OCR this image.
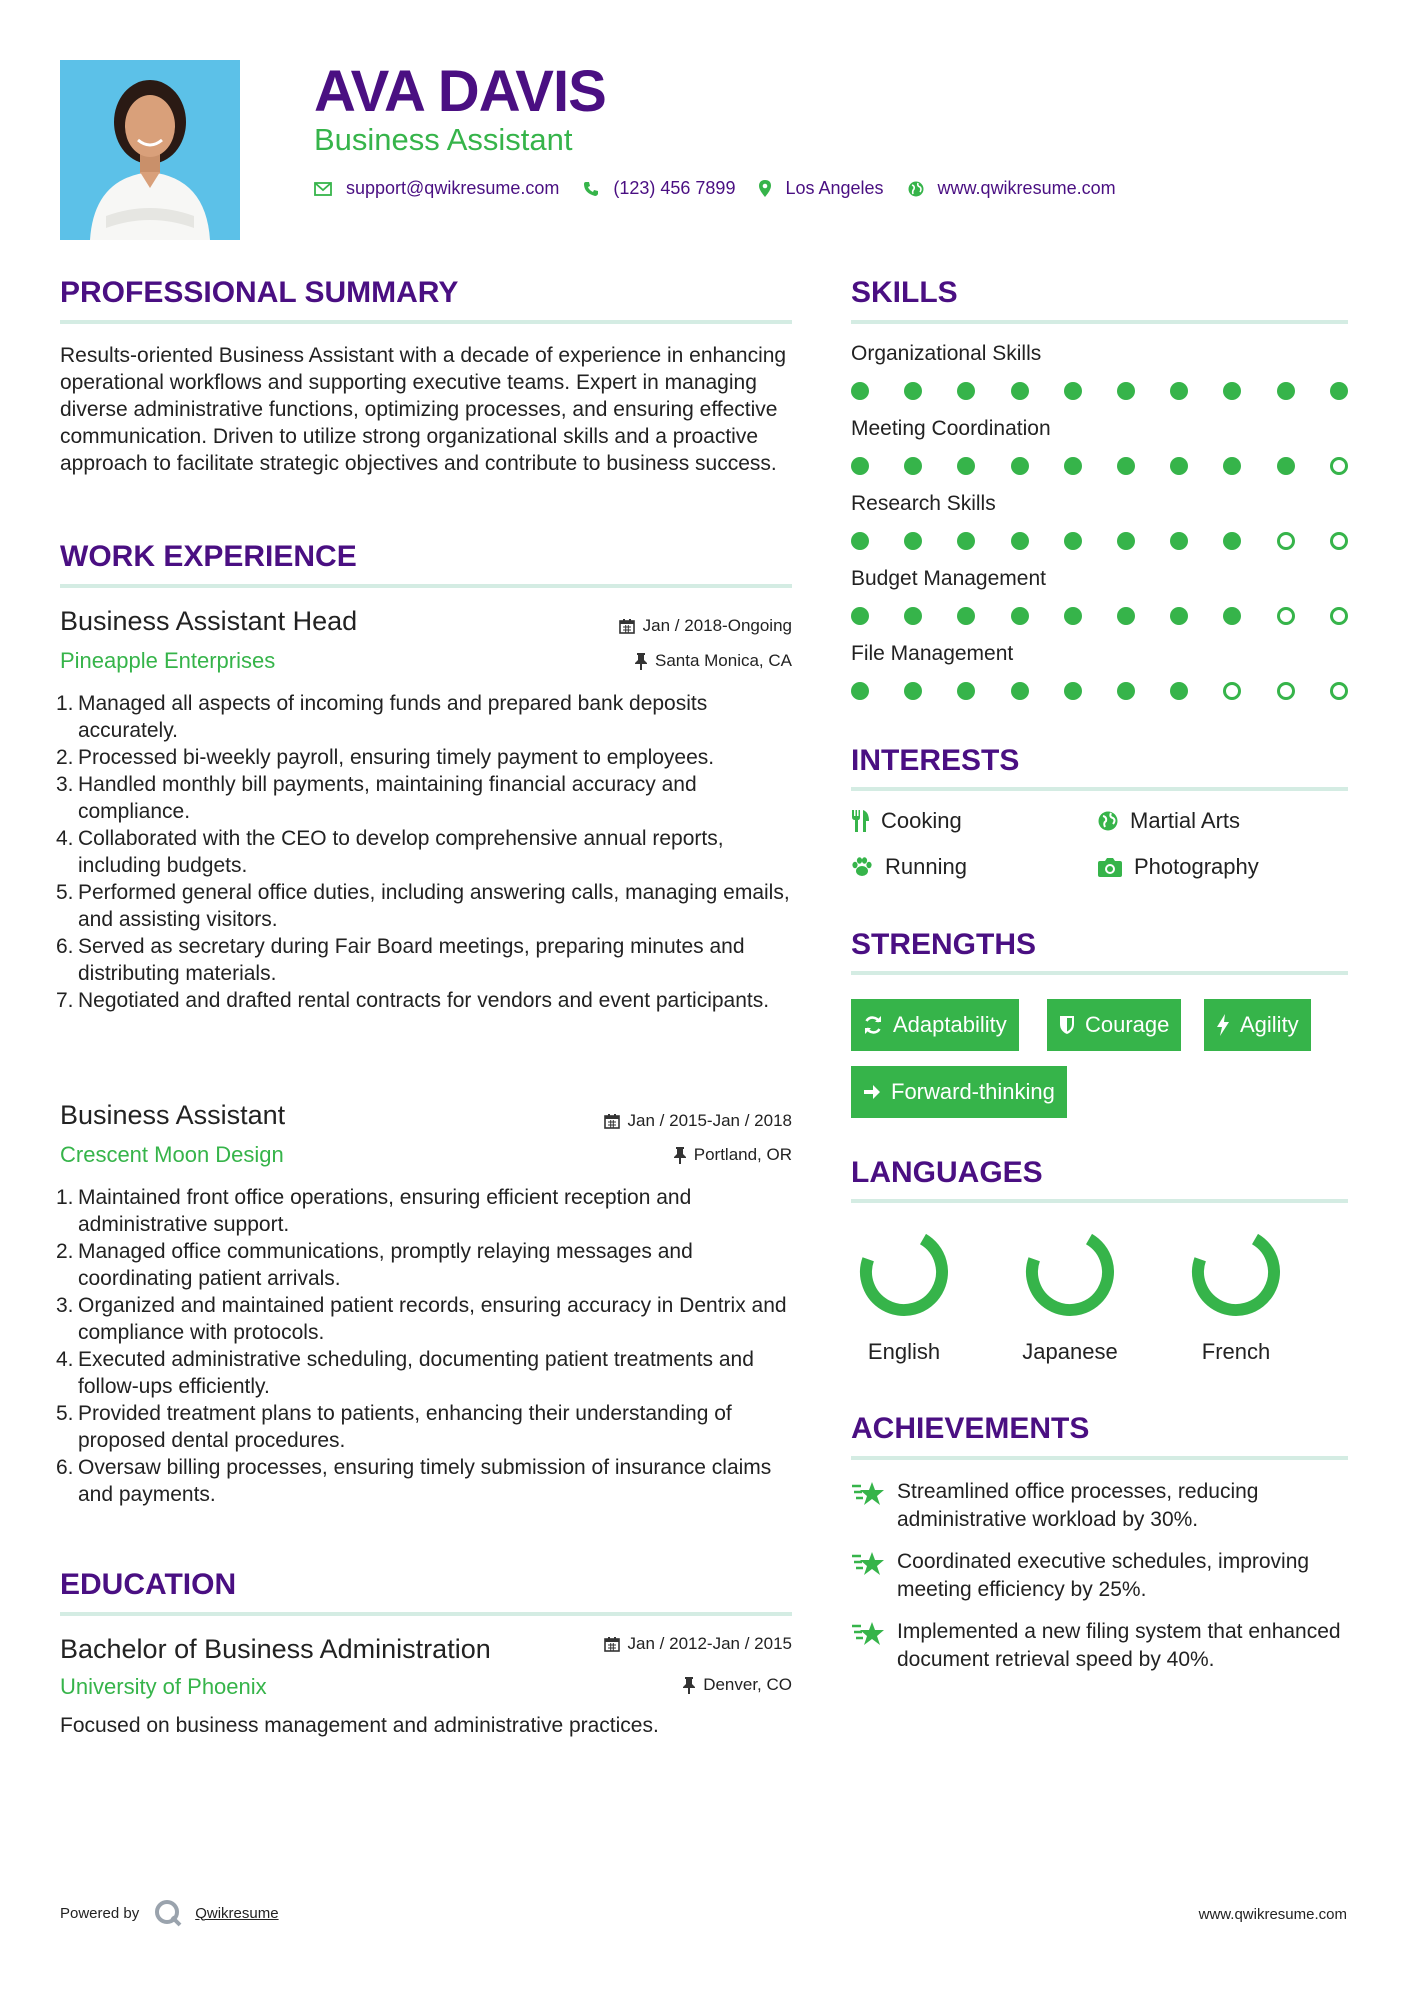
AVA DAVIS
Business Assistant
support@qwikresume.com	(123) 456 7899	Los Angeles	www.qwikresume.com
PROFESSIONAL SUMMARY
Results-oriented Business Assistant with a decade of experience in enhancing operational workflows and supporting executive teams. Expert in managing diverse administrative functions, optimizing processes, and ensuring effective communication. Driven to utilize strong organizational skills and a proactive approach to facilitate strategic objectives and contribute to business success.
WORK EXPERIENCE
Business Assistant Head	Jan / 2018-Ongoing
Pineapple Enterprises	Santa Monica, CA
1. Managed all aspects of incoming funds and prepared bank deposits accurately.
2. Processed bi-weekly payroll, ensuring timely payment to employees.
3. Handled monthly bill payments, maintaining financial accuracy and compliance.
4. Collaborated with the CEO to develop comprehensive annual reports, including budgets.
5. Performed general office duties, including answering calls, managing emails, and assisting visitors.
6. Served as secretary during Fair Board meetings, preparing minutes and distributing materials.
7. Negotiated and drafted rental contracts for vendors and event participants.
Business Assistant	Jan / 2015-Jan / 2018
Crescent Moon Design	Portland, OR
1. Maintained front office operations, ensuring efficient reception and administrative support.
2. Managed office communications, promptly relaying messages and coordinating patient arrivals.
3. Organized and maintained patient records, ensuring accuracy in Dentrix and compliance with protocols.
4. Executed administrative scheduling, documenting patient treatments and follow-ups efficiently.
5. Provided treatment plans to patients, enhancing their understanding of proposed dental procedures.
6. Oversaw billing processes, ensuring timely submission of insurance claims and payments.
EDUCATION
Bachelor of Business Administration	Jan / 2012-Jan / 2015
University of Phoenix	Denver, CO
Focused on business management and administrative practices.
SKILLS
Organizational Skills
Meeting Coordination
Research Skills
Budget Management
File Management
INTERESTS
Cooking	Martial Arts
Running	Photography
STRENGTHS
Adaptability	Courage	Agility
Forward-thinking
LANGUAGES
English	Japanese	French
ACHIEVEMENTS
Streamlined office processes, reducing administrative workload by 30%.
Coordinated executive schedules, improving meeting efficiency by 25%.
Implemented a new filing system that enhanced document retrieval speed by 40%.
Powered by	Qwikresume	www.qwikresume.com
